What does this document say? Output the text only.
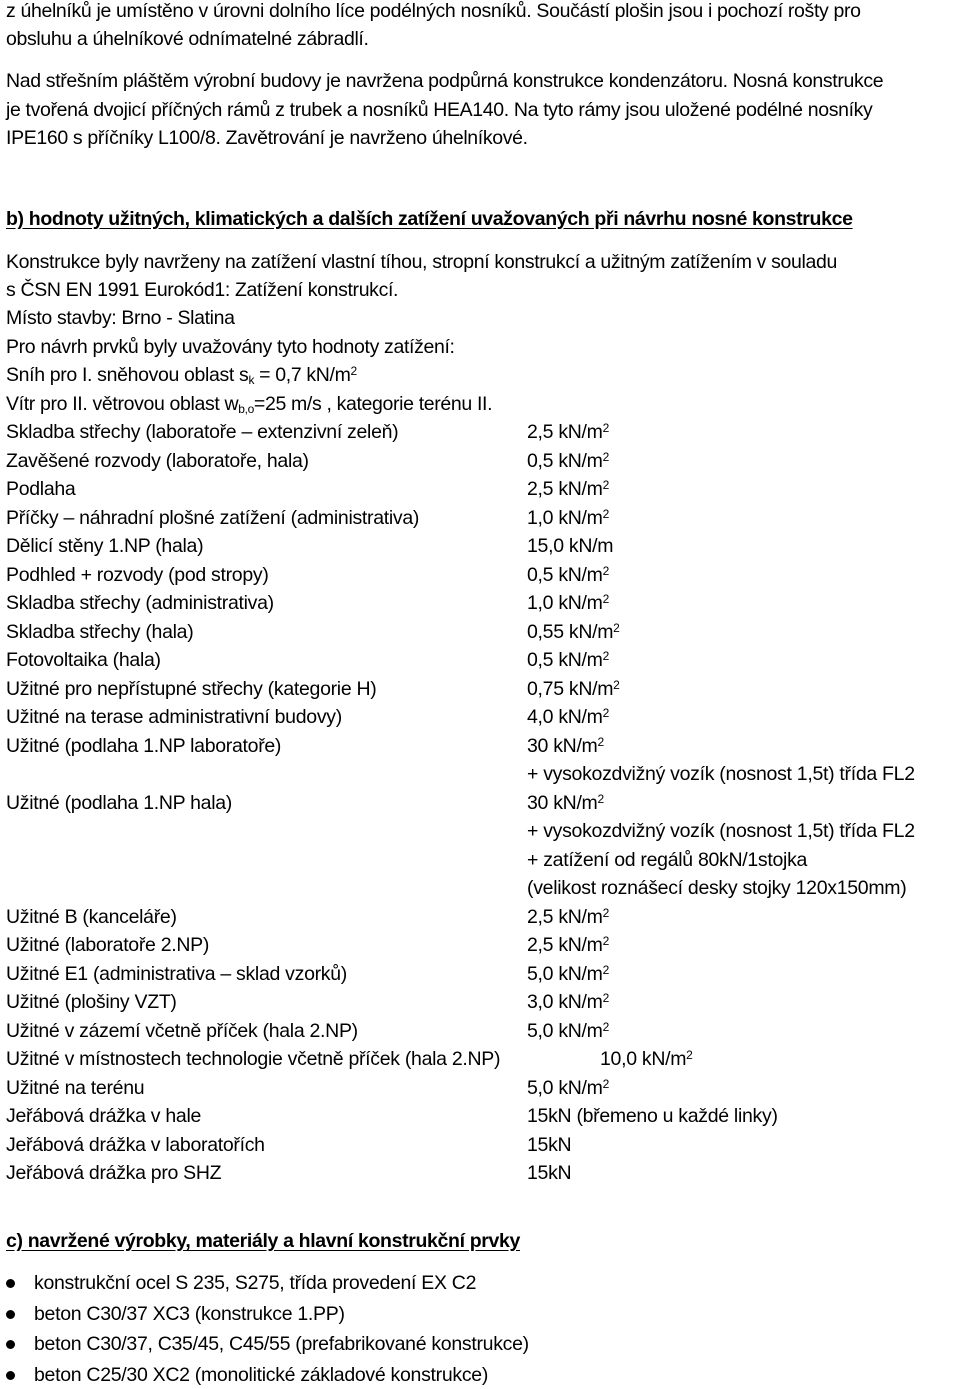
z úhelníků je umístěno v úrovni dolního líce podélných nosníků. Součástí plošin jsou i pochozí rošty pro
obsluhu a úhelníkové odnímatelné zábradlí.
Nad střešním pláštěm výrobní budovy je navržena podpůrná konstrukce kondenzátoru. Nosná konstrukce
je tvořená dvojicí příčných rámů z trubek a nosníků HEA140. Na tyto rámy jsou uložené podélné nosníky
IPE160 s příčníky L100/8. Zavětrování je navrženo úhelníkové.
b) hodnoty užitných, klimatických a dalších zatížení uvažovaných při návrhu nosné konstrukce
Konstrukce byly navrženy na zatížení vlastní tíhou, stropní konstrukcí a užitným zatížením v souladu
s ČSN EN 1991 Eurokód1: Zatížení konstrukcí.
Místo stavby: Brno - Slatina
Pro návrh prvků byly uvažovány tyto hodnoty zatížení:
Sníh pro I. sněhovou oblast $s_k = 0,7$ $kN/m^2$
Vítr pro II. větrovou oblast $w_{b,o}=25$ m/s , kategorie terénu II.
Skladba střechy (laboratoře – extenzivní zeleň)	2,5 $kN/m^2$
Zavěšené rozvody (laboratoře, hala)	0,5 $kN/m^2$
Podlaha	2,5 $kN/m^2$
Příčky – náhradní plošné zatížení (administrativa)	1,0 $kN/m^2$
Dělicí stěny 1.NP (hala)	15,0 kN/m
Podhled + rozvody (pod stropy)	0,5 $kN/m^2$
Skladba střechy (administrativa)	1,0 $kN/m^2$
Skladba střechy (hala)	0,55 $kN/m^2$
Fotovoltaika (hala)	0,5 $kN/m^2$
Užitné pro nepřístupné střechy (kategorie H)	0,75 $kN/m^2$
Užitné na terase administrativní budovy)	4,0 $kN/m^2$
Užitné (podlaha 1.NP laboratoře)	30 $kN/m^2$
+ vysokozdvižný vozík (nosnost 1,5t) třída FL2
Užitné (podlaha 1.NP hala)	30 $kN/m^2$
+ vysokozdvižný vozík (nosnost 1,5t) třída FL2
+ zatížení od regálů 80kN/1stojka
(velikost roznášecí desky stojky 120x150mm)
Užitné B (kanceláře)	2,5 $kN/m^2$
Užitné (laboratoře 2.NP)	2,5 $kN/m^2$
Užitné E1 (administrativa – sklad vzorků)	5,0 $kN/m^2$
Užitné (plošiny VZT)	3,0 $kN/m^2$
Užitné v zázemí včetně příček (hala 2.NP)	5,0 $kN/m^2$
Užitné v místnostech technologie včetně příček (hala 2.NP)	10,0 $kN/m^2$
Užitné na terénu	5,0 $kN/m^2$
Jeřábová drážka v hale	15kN (břemeno u každé linky)
Jeřábová drážka v laboratořích	15kN
Jeřábová drážka pro SHZ	15kN
c) navržené výrobky, materiály a hlavní konstrukční prvky
konstrukční ocel S 235, S275, třída provedení EX C2
beton C30/37 XC3 (konstrukce 1.PP)
beton C30/37, C35/45, C45/55 (prefabrikované konstrukce)
beton C25/30 XC2 (monolitické základové konstrukce)
